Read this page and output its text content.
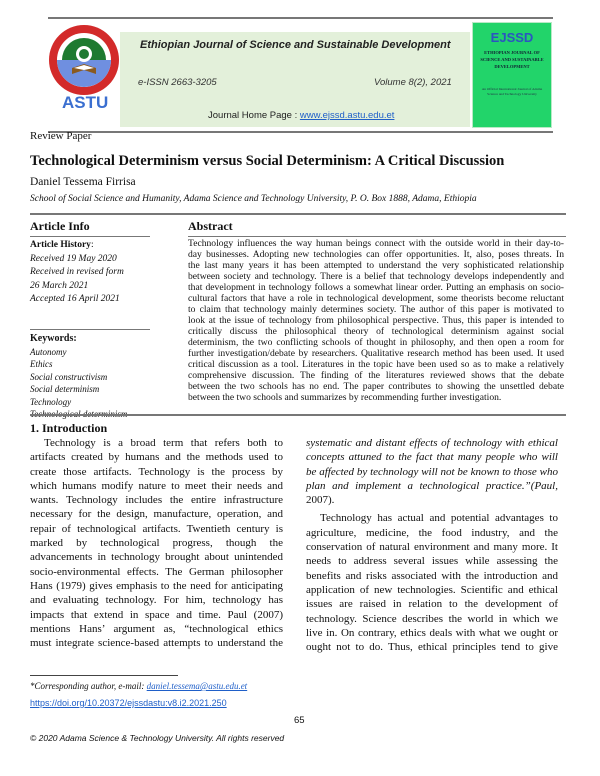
ASTU
Ethiopian Journal of Science and Sustainable Development
e-ISSN 2663-3205	Volume 8(2), 2021
Journal Home Page : www.ejssd.astu.edu.et
EJSSD
ETHIOPIAN JOURNAL OF SCIENCE AND SUSTAINABLE DEVELOPMENT
An Official International Journal of Adama Science and Technology University
Review Paper
Technological Determinism versus Social Determinism: A Critical Discussion
Daniel Tessema Firrisa
School of Social Science and Humanity, Adama Science and Technology University, P. O. Box 1888, Adama, Ethiopia
Article Info
Article History:
Received 19 May 2020
Received in revised form
26 March 2021
Accepted 16 April 2021
Keywords:
Autonomy
Ethics
Social constructivism
Social determinism
Technology
Abstract
Technology influences the way human beings connect with the outside world in their day-to-
day businesses. Adopting new technologies can offer opportunities. It, also, poses threats. In
the last many years it has been attempted to understand the very sophisticated relationship
between society and technology. There is a belief that technology develops independently and
that development in technology follows a somewhat linear order. Putting an emphasis on socio-
cultural factors that have a role in technological development, some theorists become reluctant
to claim that technology mainly determines society. The author of this paper is motivated to
look at the issue of technology from philosophical perspective. Thus, this paper is intended to
critically discuss the philosophical theory of technological determinism against social
determinism, the two conflicting schools of thought in philosophy, and then open a room for
further investigation/debate by researchers. Qualitative research method has been used. It used
critical discussion as a tool. Literatures in the topic have been used so as to make a relatively
comprehensive discussion. The finding of the literatures reviewed shows that the debate
between the two schools has no end. The paper contributes to showing the unsettled debate
between the two schools and summarizes by recommending further investigation.
1. Introduction
Technology is a broad term that refers both to
artifacts created by humans and the methods used to
create those artifacts. Technology is the process by
which humans modify nature to meet their needs and
wants. Technology includes the entire infrastructure
necessary for the design, manufacture, operation, and
repair of technological artifacts. Twentieth century is
marked by technological progress, though the
advancements in technology brought about unintended
socio-environmental effects. The German philosopher
Hans (1979) gives emphasis to the need for anticipating
and evaluating technology. For him, technology has
impacts that extend in space and time. Paul (2007)
mentions Hans’ argument as, “technological ethics
must integrate science-based attempts to understand the
systematic and distant effects of technology with ethical
concepts attuned to the fact that many people who will
be affected by technology will not be known to those who
plan and implement a technological practice.”(Paul,
2007).
Technology has actual and potential advantages to
agriculture, medicine, the food industry, and the
conservation of natural environment and many more. It
needs to address several issues while assessing the
benefits and risks associated with the introduction and
application of new technologies. Scientific and ethical
issues are raised in relation to the development of
technology. Science describes the world in which we
live in. On contrary, ethics deals with what we ought or
ought not to do. Thus, ethical principles tend to give
*Corresponding author, e-mail: daniel.tessema@astu.edu.et
https://doi.org/10.20372/ejssdastu:v8.i2.2021.250
65
© 2020 Adama Science & Technology University. All rights reserved
